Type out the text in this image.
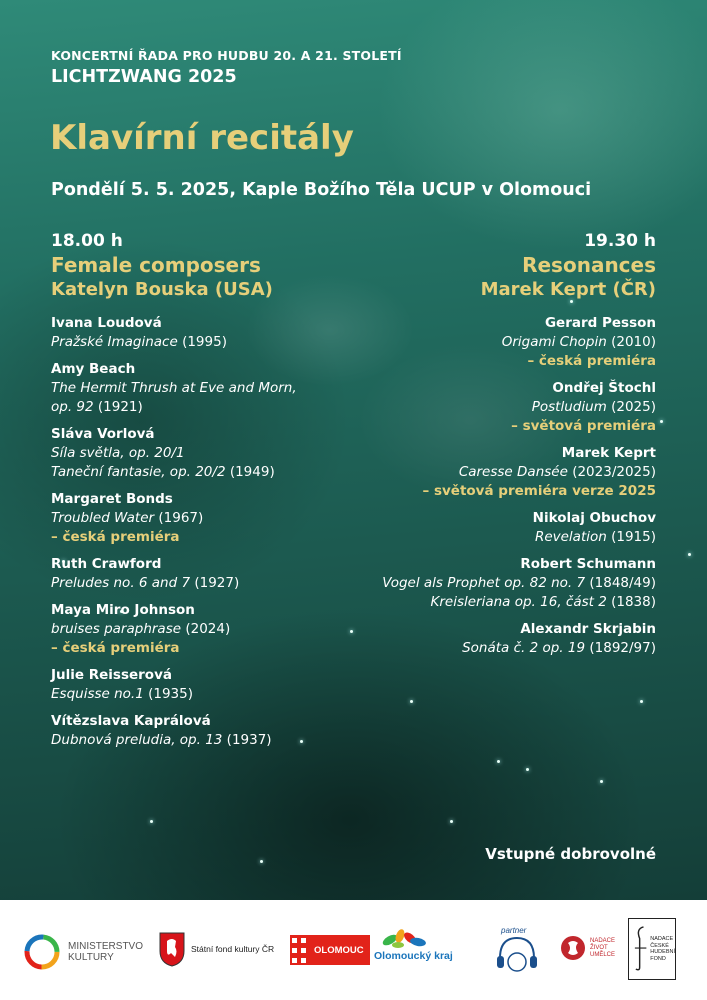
KONCERTNÍ ŘADA PRO HUDBU 20. A 21. STOLETÍ
LICHTZWANG 2025
Klavírní recitály
Pondělí 5. 5. 2025, Kaple Božího Těla UCUP v Olomouci
18.00 h
Female composers
Katelyn Bouska (USA)
Ivana Loudová
Pražské Imaginace (1995)
Amy Beach
The Hermit Thrush at Eve and Morn,
op. 92 (1921)
Sláva Vorlová
Síla světla, op. 20/1
Taneční fantasie, op. 20/2 (1949)
Margaret Bonds
Troubled Water (1967)
– česká premiéra
Ruth Crawford
Preludes no. 6 and 7 (1927)
Maya Miro Johnson
bruises paraphrase (2024)
– česká premiéra
Julie Reisserová
Esquisse no.1 (1935)
Vítězslava Kaprálová
Dubnová preludia, op. 13 (1937)
19.30 h
Resonances
Marek Keprt (ČR)
Gerard Pesson
Origami Chopin (2010)
– česká premiéra
Ondřej Štochl
Postludium (2025)
– světová premiéra
Marek Keprt
Caresse Dansée (2023/2025)
– světová premiéra verze 2025
Nikolaj Obuchov
Revelation (1915)
Robert Schumann
Vogel als Prophet op. 82 no. 7 (1848/49)
Kreisleriana op. 16, část 2 (1838)
Alexandr Skrjabin
Sonáta č. 2 op. 19 (1892/97)
Vstupné dobrovolné
MINISTERSTVO
KULTURY
Státní fond kultury ČR	OLOMOUC Olomoucký kraj
partner
NADACE
ŽIVOT
UMĚLCE
NADACE
ČESKÉ
HUDEBNÍ
FOND
